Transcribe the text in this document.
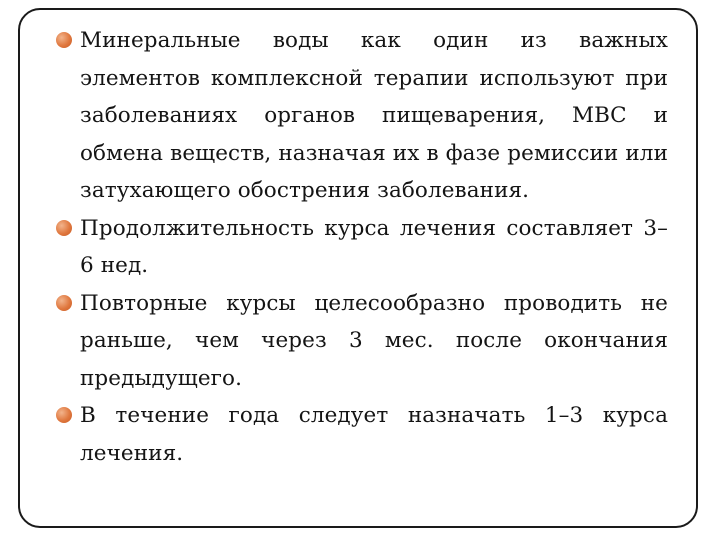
Минеральные воды как один из важных элементов комплексной терапии используют при заболеваниях органов пищеварения, МВС и обмена веществ, назначая их в фазе ремиссии или затухающего обострения заболевания.
Продолжительность курса лечения составляет 3–6 нед.
Повторные курсы целесообразно проводить не раньше, чем через 3 мес. после окончания предыдущего.
В течение года следует назначать 1–3 курса лечения.
